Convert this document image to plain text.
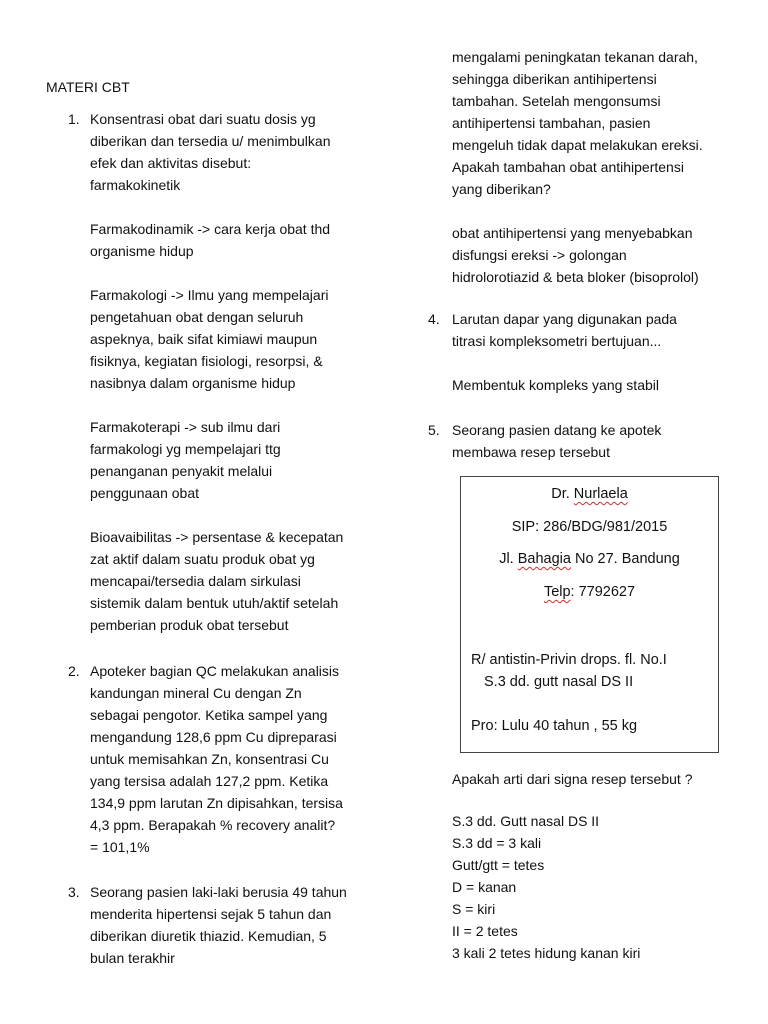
MATERI CBT

1. Konsentrasi obat dari suatu dosis yg

diberikan dan tersedia u/ menimbulkan

efek dan aktivitas disebut:

farmakokinetik

Farmakodinamik -> cara kerja obat thd

organisme hidup

Farmakologi -> Ilmu yang mempelajari

pengetahuan obat dengan seluruh

aspeknya, baik sifat kimiawi maupun

fisiknya, kegiatan fisiologi, resorpsi, &

nasibnya dalam organisme hidup

Farmakoterapi -> sub ilmu dari

farmakologi yg mempelajari ttg

penanganan penyakit melalui

penggunaan obat

Bioavaibilitas -> persentase & kecepatan

zat aktif dalam suatu produk obat yg

mencapai/tersedia dalam sirkulasi

sistemik dalam bentuk utuh/aktif setelah

pemberian produk obat tersebut

2. Apoteker bagian QC melakukan analisis

kandungan mineral Cu dengan Zn

sebagai pengotor. Ketika sampel yang

mengandung 128,6 ppm Cu dipreparasi

untuk memisahkan Zn, konsentrasi Cu

yang tersisa adalah 127,2 ppm. Ketika

134,9 ppm larutan Zn dipisahkan, tersisa

4,3 ppm. Berapakah % recovery analit?

= 101,1%

3. Seorang pasien laki-laki berusia 49 tahun

menderita hipertensi sejak 5 tahun dan

diberikan diuretik thiazid. Kemudian, 5

bulan terakhir

mengalami peningkatan tekanan darah,

sehingga diberikan antihipertensi

tambahan. Setelah mengonsumsi

antihipertensi tambahan, pasien

mengeluh tidak dapat melakukan ereksi.

Apakah tambahan obat antihipertensi

yang diberikan?

obat antihipertensi yang menyebabkan

disfungsi ereksi -> golongan

hidrolorotiazid & beta bloker (bisoprolol)

4. Larutan dapar yang digunakan pada

titrasi kompleksometri bertujuan...

Membentuk kompleks yang stabil

5. Seorang pasien datang ke apotek

membawa resep tersebut

Dr. Nurlaela
SIP: 286/BDG/981/2015
Jl. Bahagia No 27. Bandung
Telp: 7792627
R/ antistin-Privin drops. fl. No.I
S.3 dd. gutt nasal DS II
Pro: Lulu 40 tahun , 55 kg

Apakah arti dari signa resep tersebut ?

S.3 dd. Gutt nasal DS II

S.3 dd = 3 kali

Gutt/gtt = tetes

D = kanan

S = kiri

II = 2 tetes

3 kali 2 tetes hidung kanan kiri
